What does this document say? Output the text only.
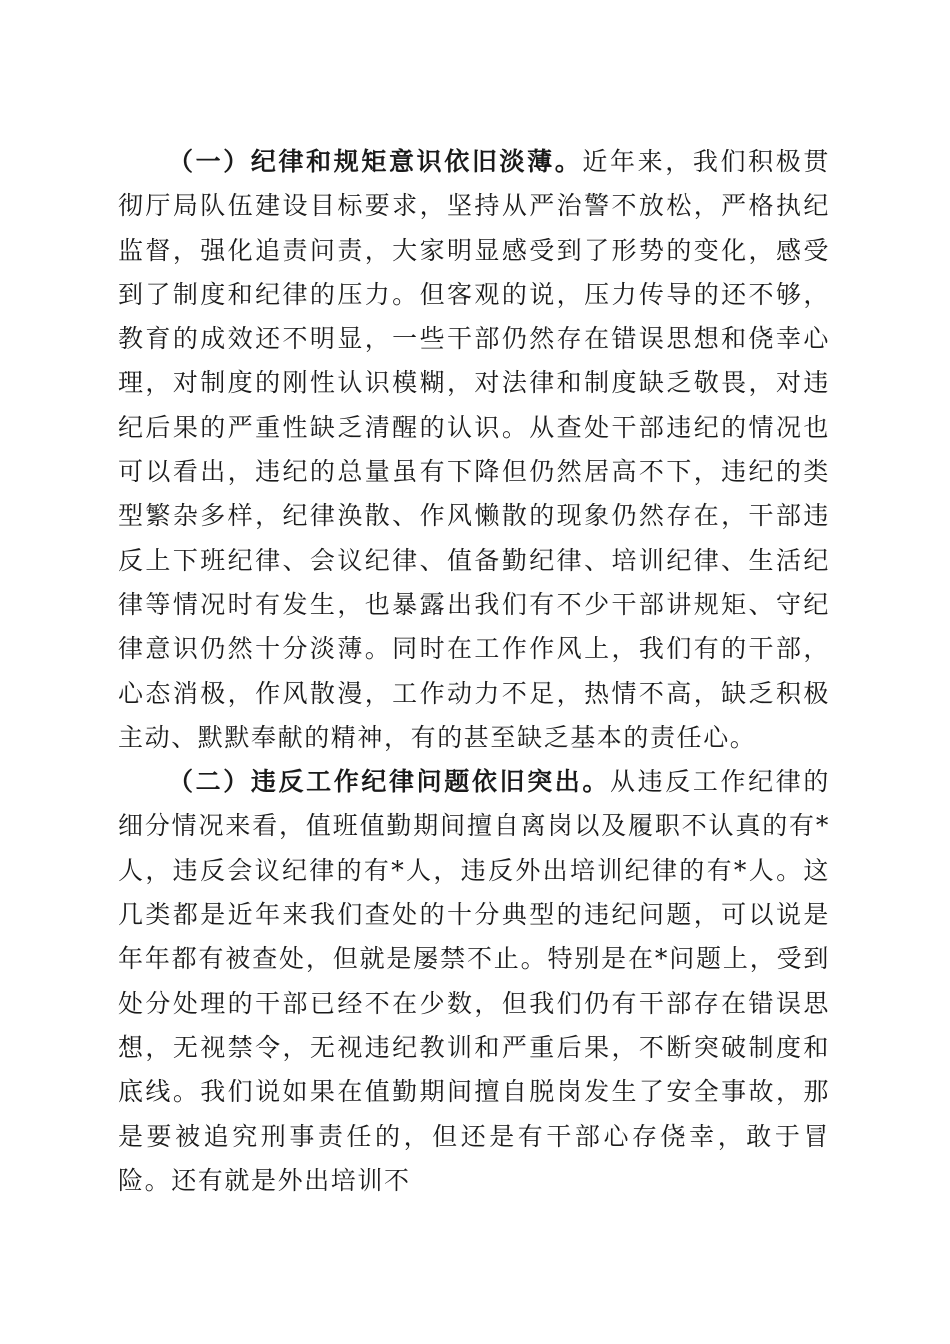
（一）纪律和规矩意识依旧淡薄。近年来，我们积极贯彻厅局队伍建设目标要求，坚持从严治警不放松，严格执纪监督，强化追责问责，大家明显感受到了形势的变化，感受到了制度和纪律的压力。但客观的说，压力传导的还不够，教育的成效还不明显，一些干部仍然存在错误思想和侥幸心理，对制度的刚性认识模糊，对法律和制度缺乏敬畏，对违纪后果的严重性缺乏清醒的认识。从查处干部违纪的情况也可以看出，违纪的总量虽有下降但仍然居高不下，违纪的类型繁杂多样，纪律涣散、作风懒散的现象仍然存在，干部违反上下班纪律、会议纪律、值备勤纪律、培训纪律、生活纪律等情况时有发生，也暴露出我们有不少干部讲规矩、守纪律意识仍然十分淡薄。同时在工作作风上，我们有的干部，心态消极，作风散漫，工作动力不足，热情不高，缺乏积极主动、默默奉献的精神，有的甚至缺乏基本的责任心。

（二）违反工作纪律问题依旧突出。从违反工作纪律的细分情况来看，值班值勤期间擅自离岗以及履职不认真的有*人，违反会议纪律的有*人，违反外出培训纪律的有*人。这几类都是近年来我们查处的十分典型的违纪问题，可以说是年年都有被查处，但就是屡禁不止。特别是在*问题上，受到处分处理的干部已经不在少数，但我们仍有干部存在错误思想，无视禁令，无视违纪教训和严重后果，不断突破制度和底线。我们说如果在值勤期间擅自脱岗发生了安全事故，那是要被追究刑事责任的，但还是有干部心存侥幸，敢于冒险。还有就是外出培训不
